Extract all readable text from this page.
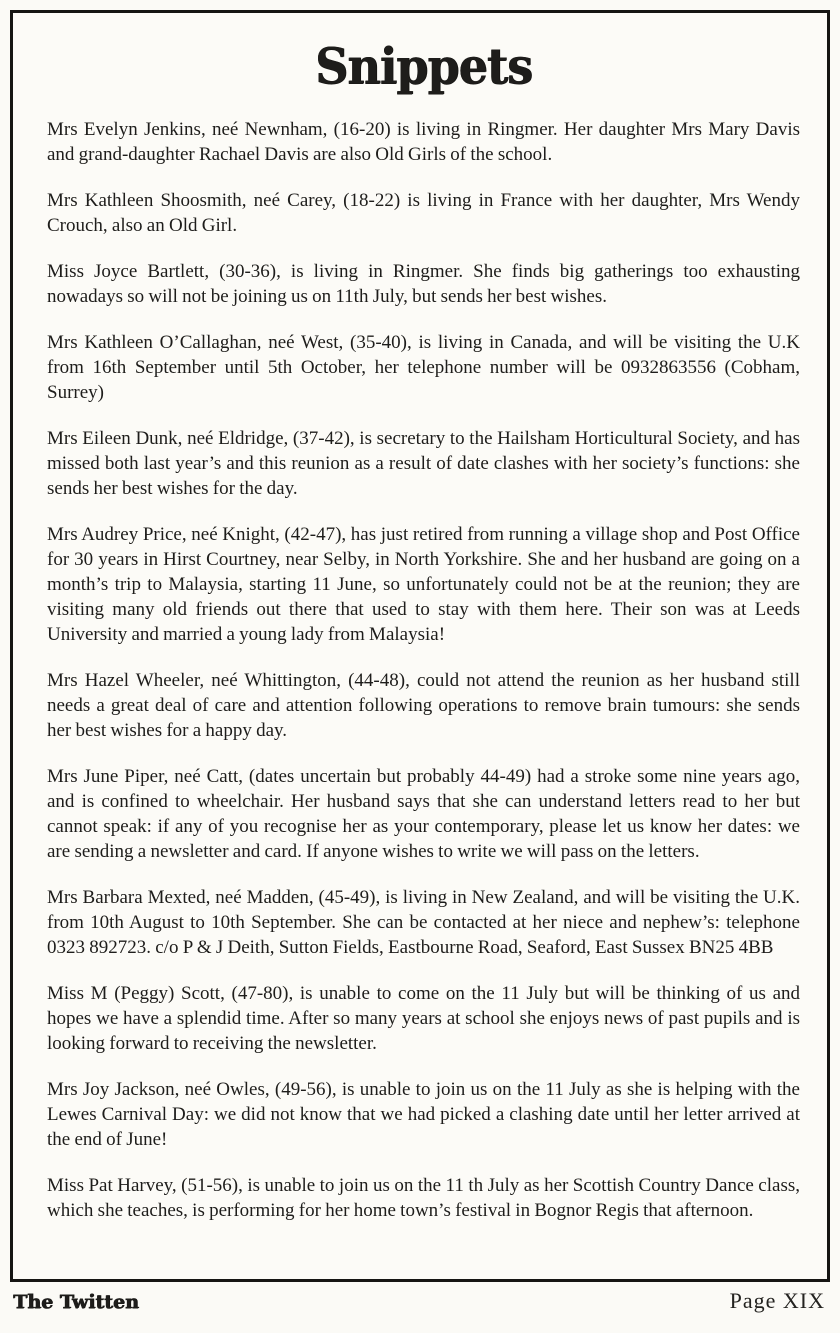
Snippets

Mrs Evelyn Jenkins, neé Newnham, (16-20) is living in Ringmer. Her daughter Mrs Mary Davis and grand-daughter Rachael Davis are also Old Girls of the school.

Mrs Kathleen Shoosmith, neé Carey, (18-22) is living in France with her daughter, Mrs Wendy Crouch, also an Old Girl.

Miss Joyce Bartlett, (30-36), is living in Ringmer. She finds big gatherings too exhausting nowadays so will not be joining us on 11th July, but sends her best wishes.

Mrs Kathleen O’Callaghan, neé West, (35-40), is living in Canada, and will be visiting the U.K from 16th September until 5th October, her telephone number will be 0932863556 (Cobham, Surrey)

Mrs Eileen Dunk, neé Eldridge, (37-42), is secretary to the Hailsham Horticultural Society, and has missed both last year’s and this reunion as a result of date clashes with her society’s functions: she sends her best wishes for the day.

Mrs Audrey Price, neé Knight, (42-47), has just retired from running a village shop and Post Office for 30 years in Hirst Courtney, near Selby, in North Yorkshire. She and her husband are going on a month’s trip to Malaysia, starting 11 June, so unfortunately could not be at the reunion; they are visiting many old friends out there that used to stay with them here. Their son was at Leeds University and married a young lady from Malaysia!

Mrs Hazel Wheeler, neé Whittington, (44-48), could not attend the reunion as her husband still needs a great deal of care and attention following operations to remove brain tumours: she sends her best wishes for a happy day.

Mrs June Piper, neé Catt, (dates uncertain but probably 44-49) had a stroke some nine years ago, and is confined to wheelchair. Her husband says that she can understand letters read to her but cannot speak: if any of you recognise her as your contemporary, please let us know her dates: we are sending a newsletter and card. If anyone wishes to write we will pass on the letters.

Mrs Barbara Mexted, neé Madden, (45-49), is living in New Zealand, and will be visiting the U.K. from 10th August to 10th September. She can be contacted at her niece and nephew’s: telephone 0323 892723. c/o P & J Deith, Sutton Fields, Eastbourne Road, Seaford, East Sussex BN25 4BB

Miss M (Peggy) Scott, (47-80), is unable to come on the 11 July but will be thinking of us and hopes we have a splendid time. After so many years at school she enjoys news of past pupils and is looking forward to receiving the newsletter.

Mrs Joy Jackson, neé Owles, (49-56), is unable to join us on the 11 July as she is helping with the Lewes Carnival Day: we did not know that we had picked a clashing date until her letter arrived at the end of June!

Miss Pat Harvey, (51-56), is unable to join us on the 11 th July as her Scottish Country Dance class, which she teaches, is performing for her home town’s festival in Bognor Regis that afternoon.

The Twitten	Page XIX
